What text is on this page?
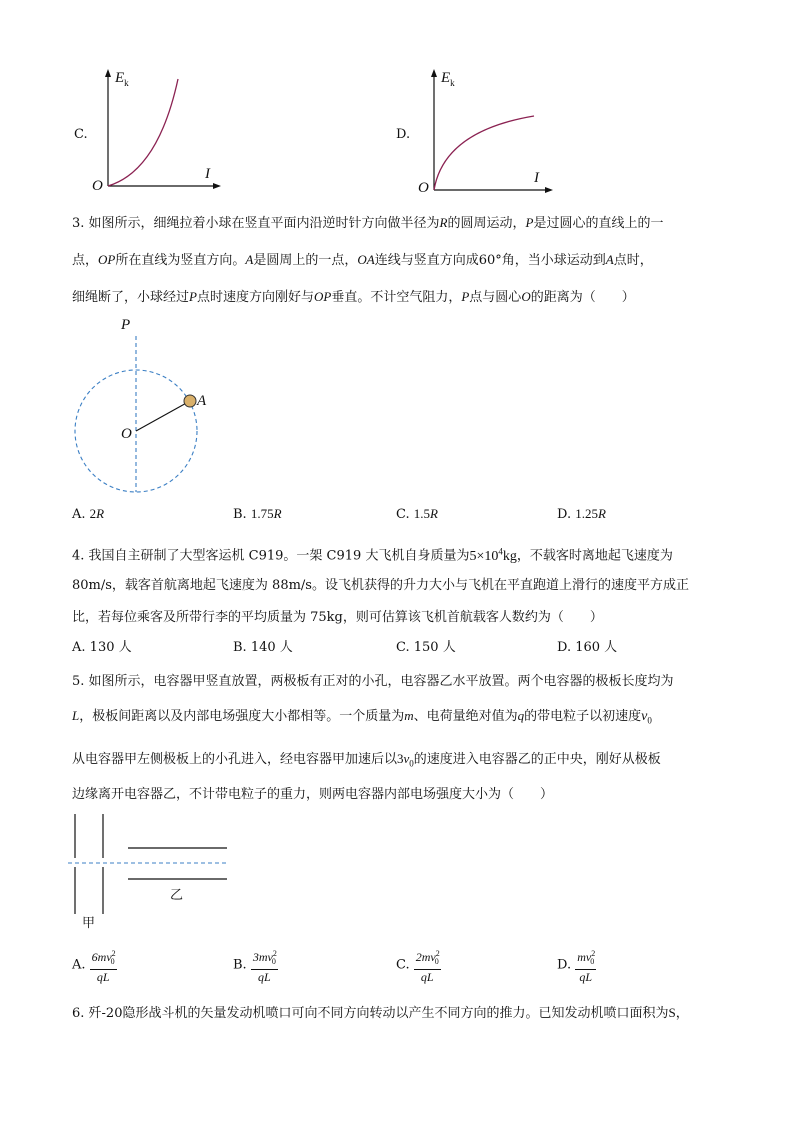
C.
$E_k$
I
O
D.
$E_k$
I
O
3. 如图所示，细绳拉着小球在竖直平面内沿逆时针方向做半径为R的圆周运动，P是过圆心的直线上的一
点，OP所在直线为竖直方向。A是圆周上的一点，OA连线与竖直方向成60°角，当小球运动到A点时，
细绳断了，小球经过P点时速度方向刚好与OP垂直。不计空气阻力，P点与圆心O的距离为（　　）
P
A
O
A. 2R	B. 1.75R	C. 1.5R	D. 1.25R
4. 我国自主研制了大型客运机 C919。一架 C919 大飞机自身质量为$5\times 10^4kg$，不载客时离地起飞速度为
80m/s，载客首航离地起飞速度为 88m/s。设飞机获得的升力大小与飞机在平直跑道上滑行的速度平方成正
比，若每位乘客及所带行李的平均质量为 75kg，则可估算该飞机首航载客人数约为（　　）
A. 130 人	B. 140 人	C. 150 人	D. 160 人
5. 如图所示，电容器甲竖直放置，两极板有正对的小孔，电容器乙水平放置。两个电容器的极板长度均为
L，极板间距离以及内部电场强度大小都相等。一个质量为m、电荷量绝对值为q的带电粒子以初速度$v_0$
从电容器甲左侧极板上的小孔进入，经电容器甲加速后以$3v_0$的速度进入电容器乙的正中央，刚好从极板
边缘离开电容器乙，不计带电粒子的重力，则两电容器内部电场强度大小为（　　）
甲
乙
A. $\frac{6mv^2_0}{qL}$	B. $\frac{3mv^2_0}{qL}$	C. $\frac{2mv^2_0}{qL}$	D. $\frac{mv^2_0}{qL}$
6. 歼-20隐形战斗机的矢量发动机喷口可向不同方向转动以产生不同方向的推力。已知发动机喷口面积为S，
